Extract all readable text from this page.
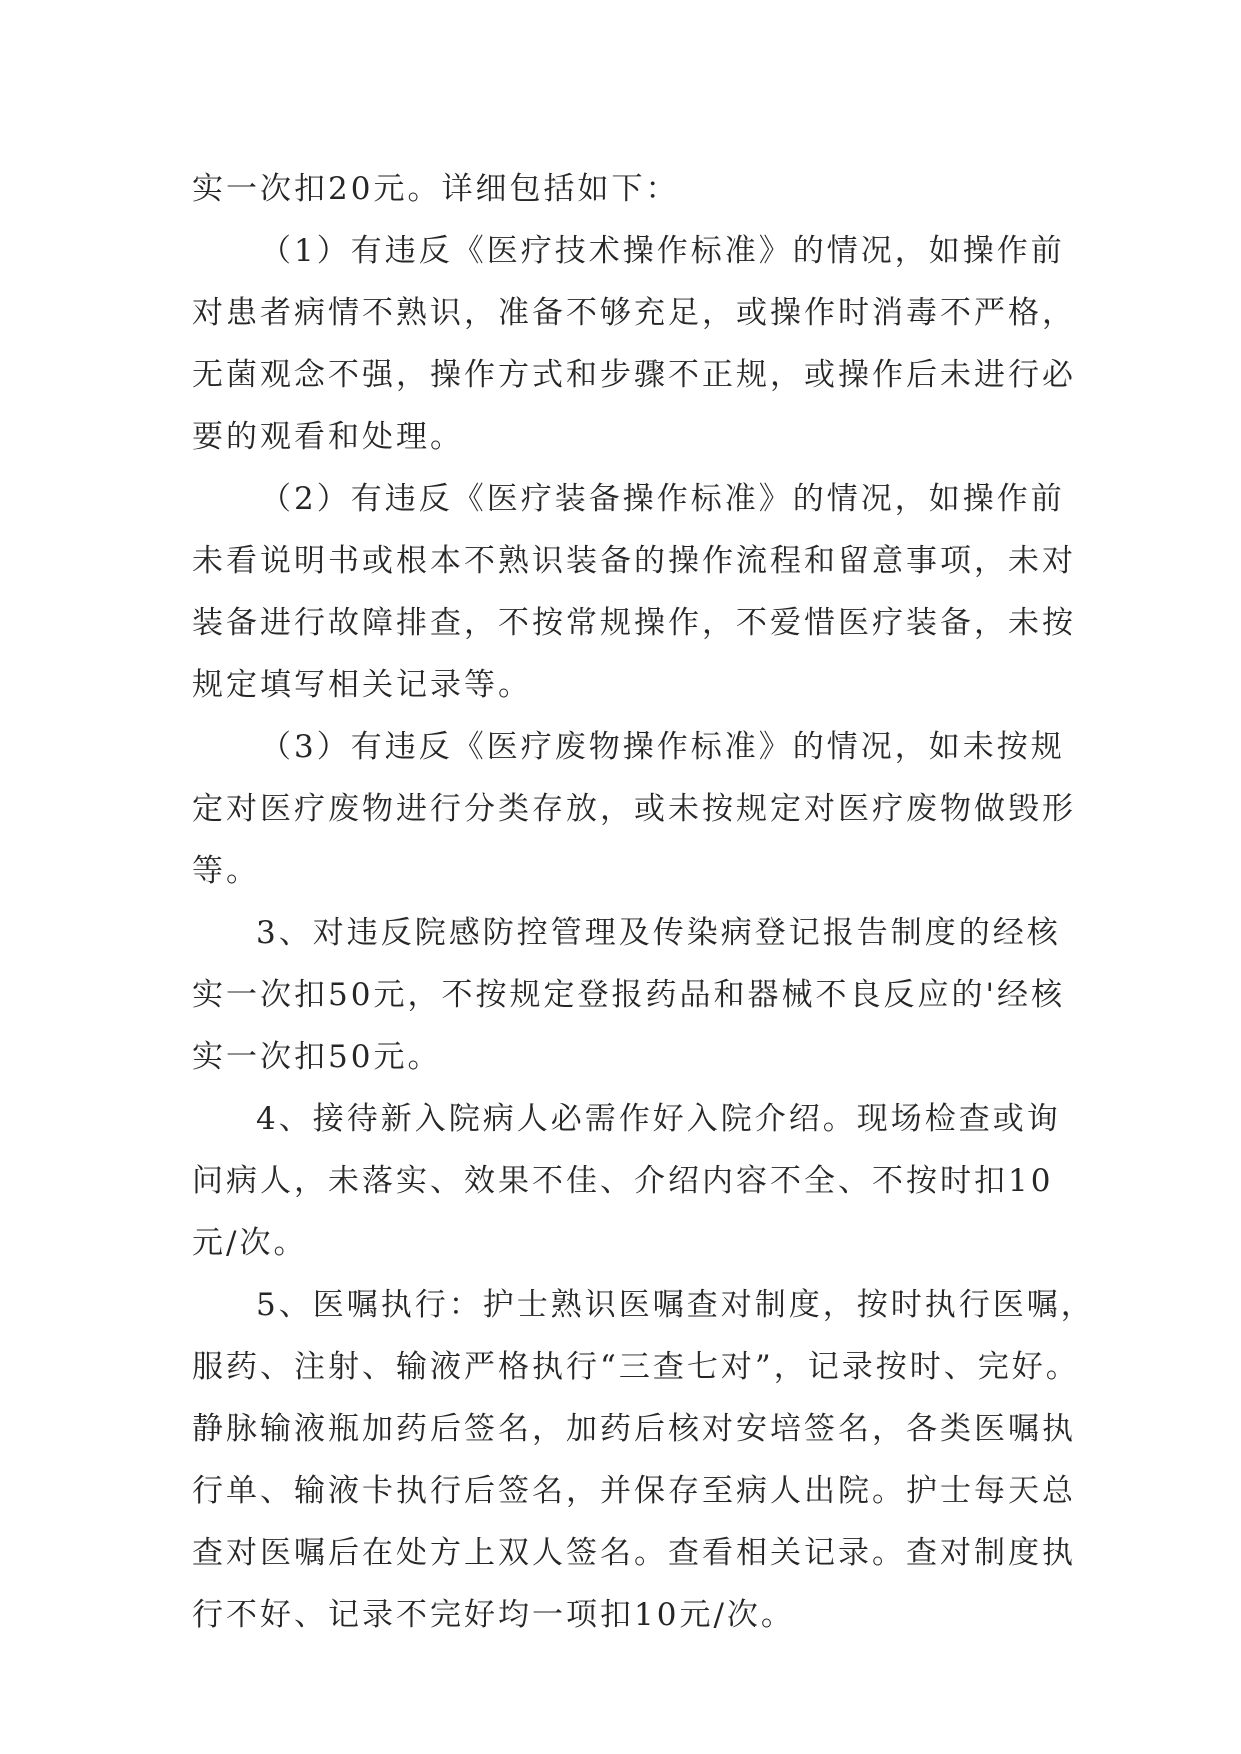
实一次扣20元。详细包括如下：
（1）有违反《医疗技术操作标准》的情况，如操作前
对患者病情不熟识，准备不够充足，或操作时消毒不严格，
无菌观念不强，操作方式和步骤不正规，或操作后未进行必
要的观看和处理。
（2）有违反《医疗装备操作标准》的情况，如操作前
未看说明书或根本不熟识装备的操作流程和留意事项，未对
装备进行故障排查，不按常规操作，不爱惜医疗装备，未按
规定填写相关记录等。
（3）有违反《医疗废物操作标准》的情况，如未按规
定对医疗废物进行分类存放，或未按规定对医疗废物做毁形
等。
3、对违反院感防控管理及传染病登记报告制度的经核
实一次扣50元，不按规定登报药品和器械不良反应的'经核
实一次扣50元。
4、接待新入院病人必需作好入院介绍。现场检查或询
问病人，未落实、效果不佳、介绍内容不全、不按时扣10
元/次。
5、医嘱执行：护士熟识医嘱查对制度，按时执行医嘱，
服药、注射、输液严格执行“三查七对”，记录按时、完好。
静脉输液瓶加药后签名，加药后核对安培签名，各类医嘱执
行单、输液卡执行后签名，并保存至病人出院。护士每天总
查对医嘱后在处方上双人签名。查看相关记录。查对制度执
行不好、记录不完好均一项扣10元/次。
